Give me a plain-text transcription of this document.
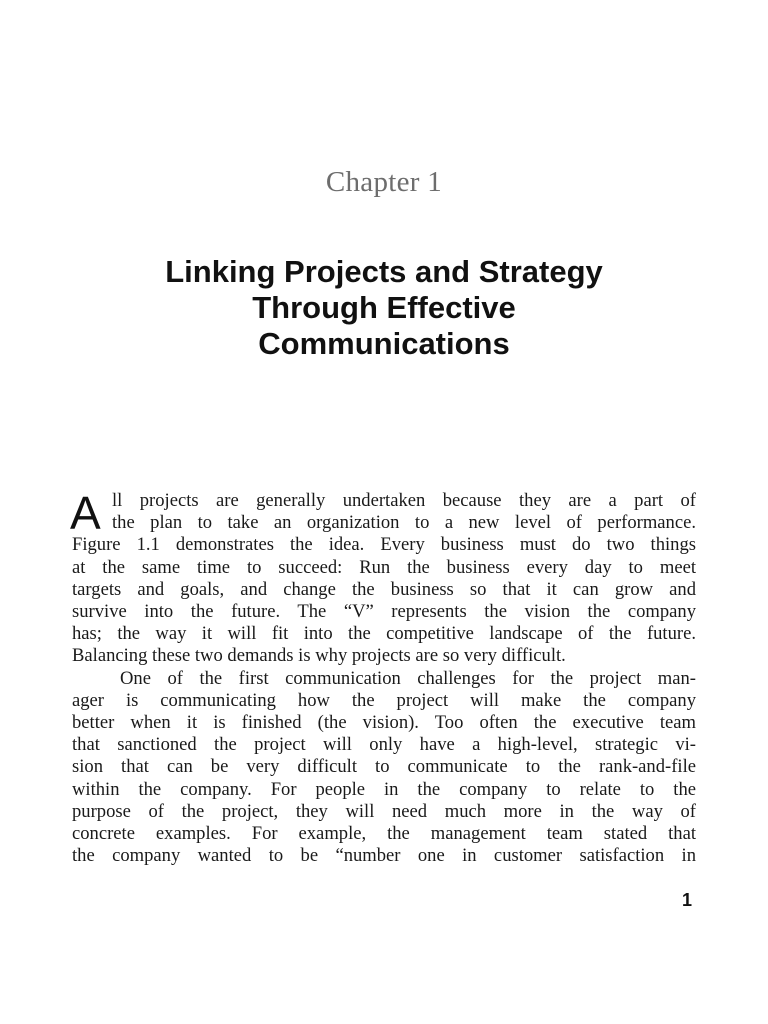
Chapter 1
Linking Projects and Strategy
Through Effective
Communications
A ll projects are generally undertaken because they are a part of
the plan to take an organization to a new level of performance.
Figure 1.1 demonstrates the idea. Every business must do two things
at the same time to succeed: Run the business every day to meet
targets and goals, and change the business so that it can grow and
survive into the future. The “V” represents the vision the company
has; the way it will fit into the competitive landscape of the future.
Balancing these two demands is why projects are so very difficult.
One of the first communication challenges for the project man-
ager is communicating how the project will make the company
better when it is finished (the vision). Too often the executive team
that sanctioned the project will only have a high-level, strategic vi-
sion that can be very difficult to communicate to the rank-and-file
within the company. For people in the company to relate to the
purpose of the project, they will need much more in the way of
concrete examples. For example, the management team stated that
the company wanted to be “number one in customer satisfaction in
1
